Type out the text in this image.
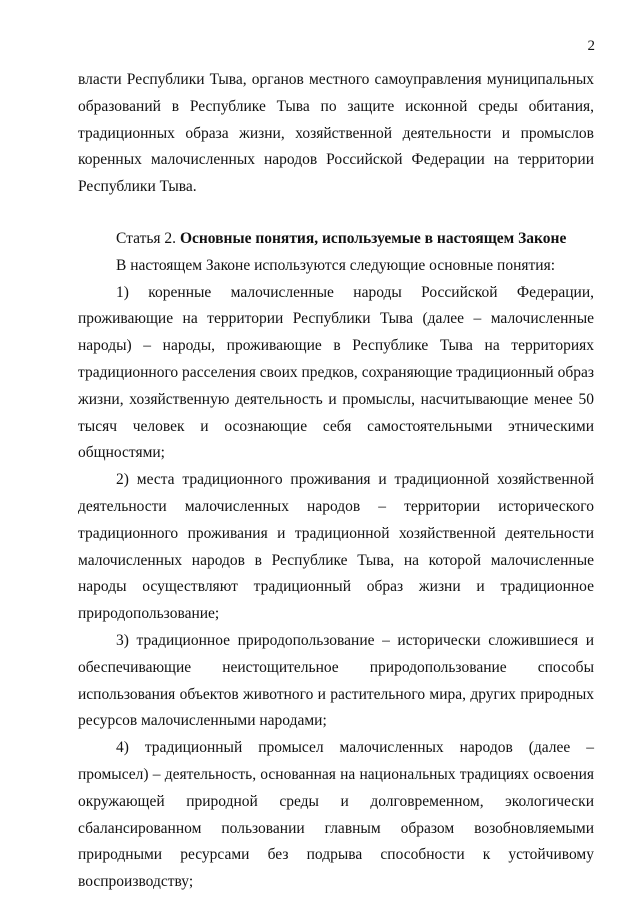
2

власти Республики Тыва, органов местного самоуправления муниципальных образований в Республике Тыва по защите исконной среды обитания, традиционных образа жизни, хозяйственной деятельности и промыслов коренных малочисленных народов Российской Федерации на территории Республики Тыва.

Статья 2. Основные понятия, используемые в настоящем Законе

В настоящем Законе используются следующие основные понятия:

1) коренные малочисленные народы Российской Федерации, проживающие на территории Республики Тыва (далее – малочисленные народы) – народы, проживающие в Республике Тыва на территориях традиционного расселения своих предков, сохраняющие традиционный образ жизни, хозяйственную деятельность и промыслы, насчитывающие менее 50 тысяч человек и осознающие себя самостоятельными этническими общностями;

2) места традиционного проживания и традиционной хозяйственной деятельности малочисленных народов – территории исторического традиционного проживания и традиционной хозяйственной деятельности малочисленных народов в Республике Тыва, на которой малочисленные народы осуществляют традиционный образ жизни и традиционное природопользование;

3) традиционное природопользование – исторически сложившиеся и обеспечивающие неистощительное природопользование способы использования объектов животного и растительного мира, других природных ресурсов малочисленными народами;

4) традиционный промысел малочисленных народов (далее – промысел) – деятельность, основанная на национальных традициях освоения окружающей природной среды и долговременном, экологически сбалансированном пользовании главным образом возобновляемыми природными ресурсами без подрыва способности к устойчивому воспроизводству;
